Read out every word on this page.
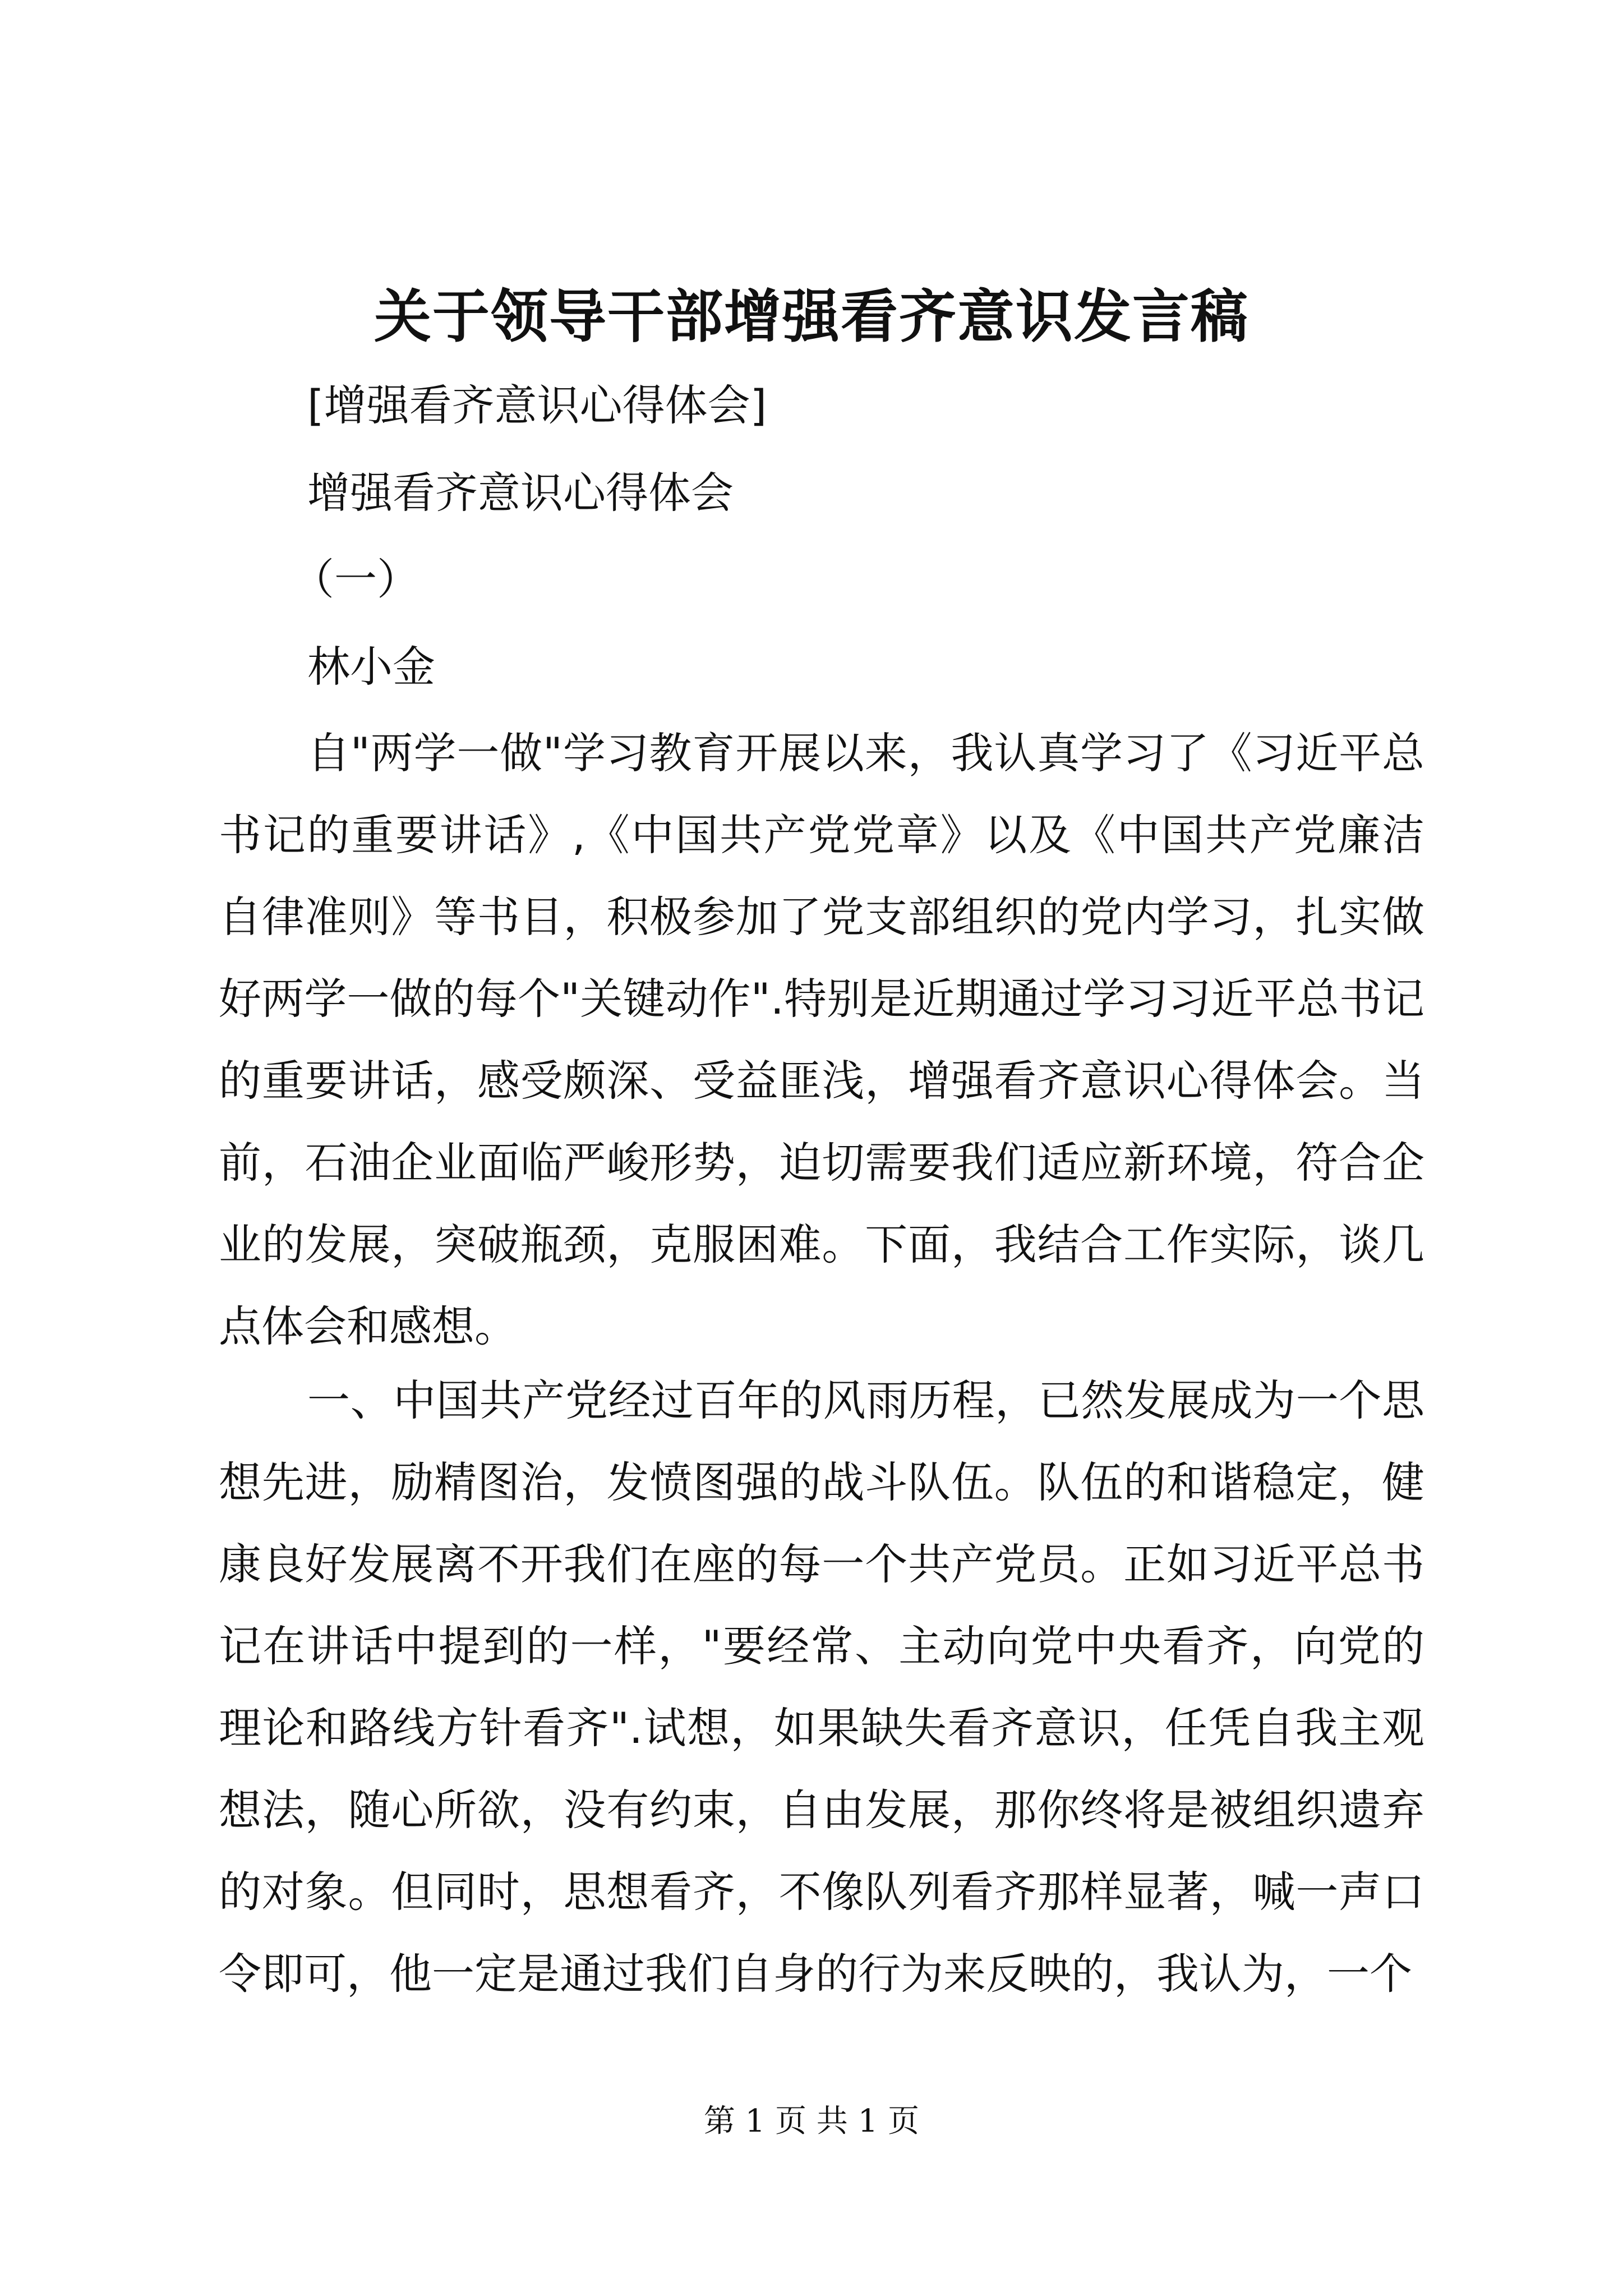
关于领导干部增强看齐意识发言稿

[增强看齐意识心得体会]

增强看齐意识心得体会

（一）

林小金

自"两学一做"学习教育开展以来，我认真学习了《习近平总书记的重要讲话》,《中国共产党党章》以及《中国共产党廉洁自律准则》等书目，积极参加了党支部组织的党内学习，扎实做好两学一做的每个"关键动作".特别是近期通过学习习近平总书记的重要讲话，感受颇深、受益匪浅，增强看齐意识心得体会。当前，石油企业面临严峻形势，迫切需要我们适应新环境，符合企业的发展，突破瓶颈，克服困难。下面，我结合工作实际，谈几点体会和感想。

一、中国共产党经过百年的风雨历程，已然发展成为一个思想先进，励精图治，发愤图强的战斗队伍。队伍的和谐稳定，健康良好发展离不开我们在座的每一个共产党员。正如习近平总书记在讲话中提到的一样，"要经常、主动向党中央看齐，向党的理论和路线方针看齐".试想，如果缺失看齐意识，任凭自我主观想法，随心所欲，没有约束，自由发展，那你终将是被组织遗弃的对象。但同时，思想看齐，不像队列看齐那样显著，喊一声口令即可，他一定是通过我们自身的行为来反映的，我认为，一个

第 1 页 共 1 页
